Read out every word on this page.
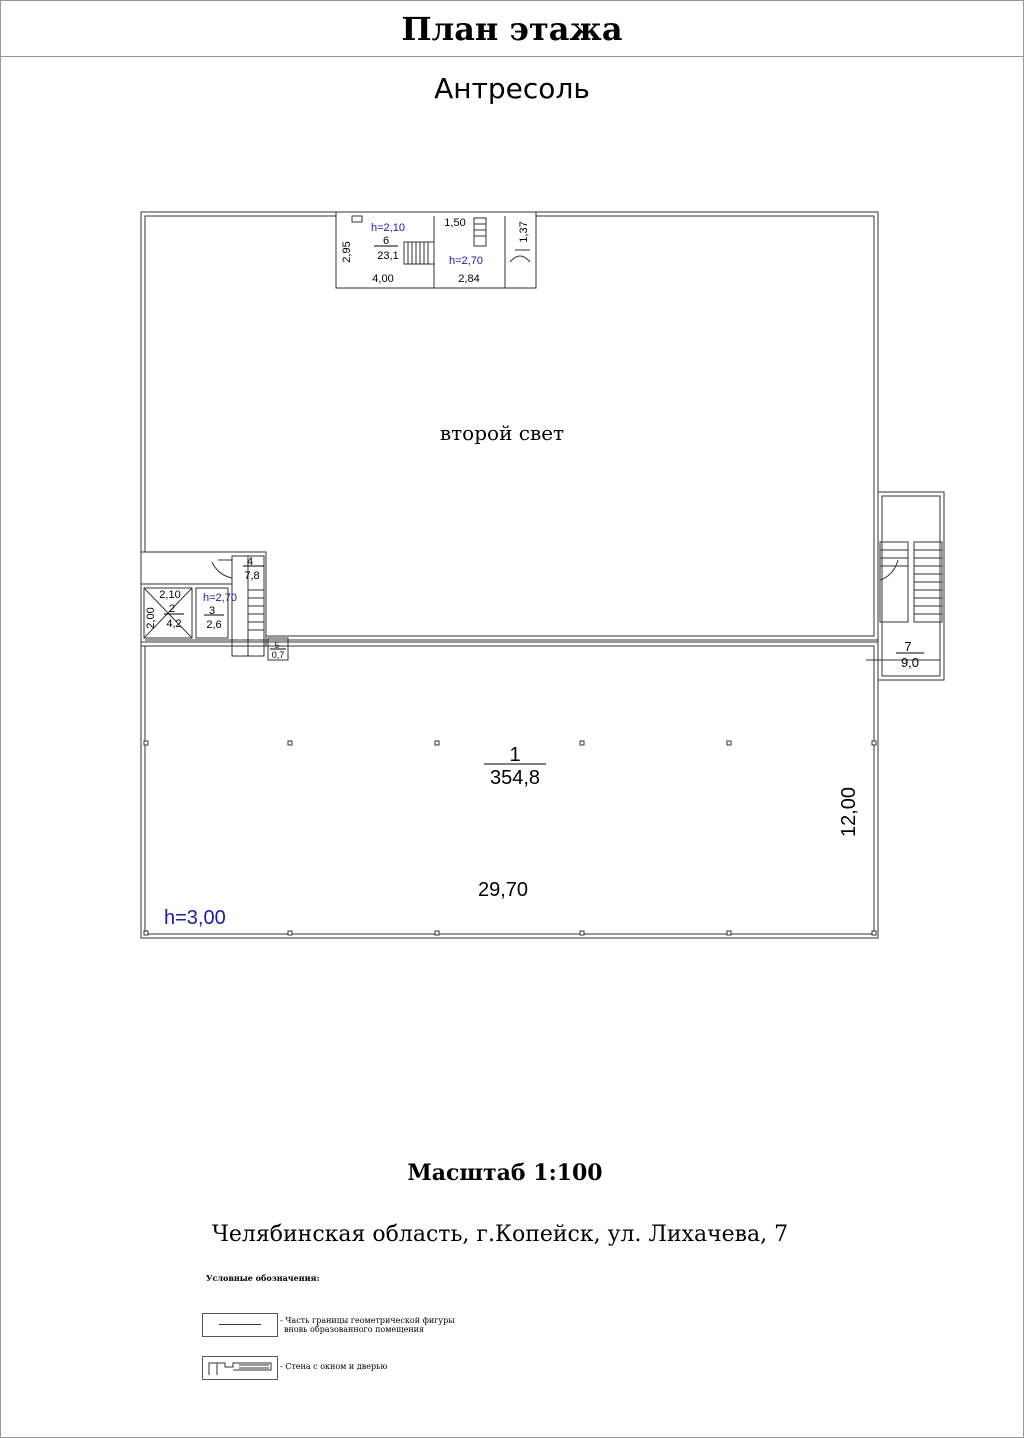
План этажа
Антресоль
второй свет
1
354,8
29,70
12,00
h=3,00
h=2,10
6
23,1
4,00
2,95
1,50
h=2,70
2,84
1,37
2,10
2
4,2
2,00
h=2,70
3
2,6
4
7,8
5
0,7
7
9,0
Масштаб 1:100
Челябинская область, г.Копейск, ул. Лихачева, 7
Условные обозначения:
- Часть границы геометрической фигуры
вновь образованного помещения
- Стена с окном и дверью
